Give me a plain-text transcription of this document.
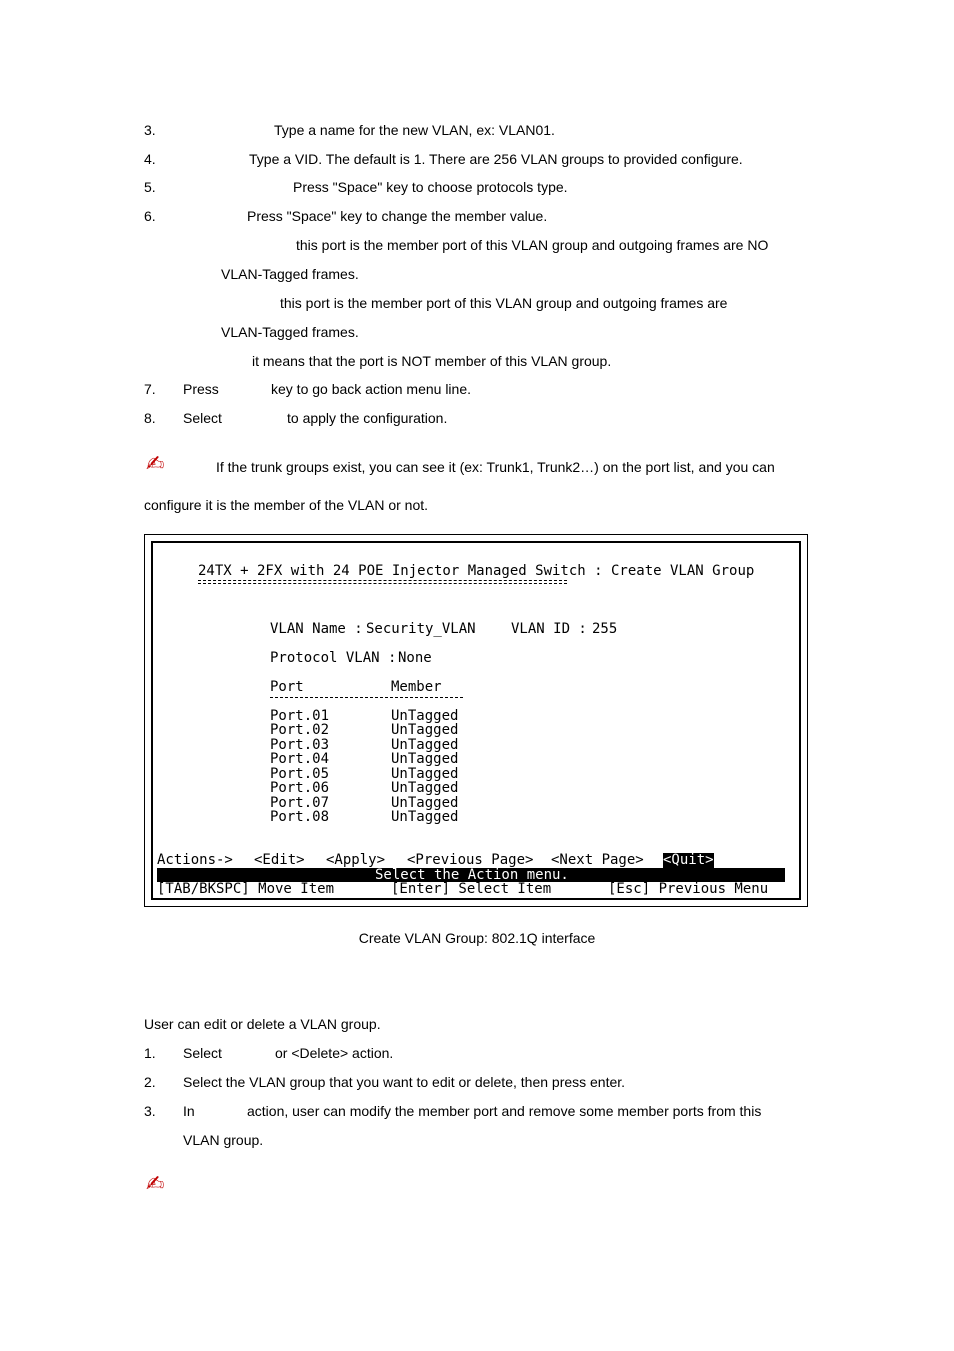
3.	Type a name for the new VLAN, ex: VLAN01.
4.	Type a VID. The default is 1. There are 256 VLAN groups to provided configure.
5.	Press "Space" key to choose protocols type.
6.	Press "Space" key to change the member value.
this port is the member port of this VLAN group and outgoing frames are NO
VLAN-Tagged frames.
this port is the member port of this VLAN group and outgoing frames are
VLAN-Tagged frames.
it means that the port is NOT member of this VLAN group.
7. Press	key to go back action menu line.
8. Select	to apply the configuration.
✍	If the trunk groups exist, you can see it (ex: Trunk1, Trunk2…) on the port list, and you can
configure it is the member of the VLAN or not.
24TX + 2FX with 24 POE Injector Managed Switch : Create VLAN Group
VLAN Name :
Security_VLAN	VLAN ID :
255
Protocol VLAN :
None
Port	Member
Port.01	UnTagged
Port.02	UnTagged
Port.03	UnTagged
Port.04	UnTagged
Port.05	UnTagged
Port.06	UnTagged
Port.07	UnTagged
Port.08	UnTagged
Actions-> <Edit> <Apply> <Previous Page> <Next Page> <Quit>
Select the Action menu.
[TAB/BKSPC] Move Item	[Enter] Select Item	[Esc] Previous Menu
Create VLAN Group: 802.1Q interface
User can edit or delete a VLAN group.
1. Select	or <Delete> action.
2. Select the VLAN group that you want to edit or delete, then press enter.
3. In	action, user can modify the member port and remove some member ports from this
VLAN group.
✍
